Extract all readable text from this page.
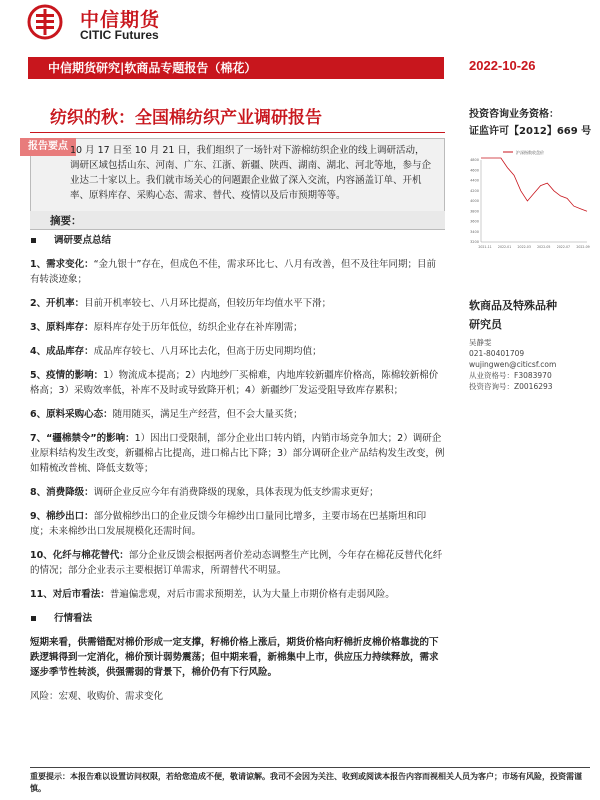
中信期货
CITIC Futures
中信期货研究|软商品专题报告（棉花）	2022-10-26
纺织的秋：全国棉纺织产业调研报告
报告要点 10 月 17 日至 10 月 21 日，我们组织了一场针对下游棉纺织企业的线上调研活动，调研区域包括山东、河南、广东、江浙、新疆、陕西、湖南、湖北、河北等地，参与企业达二十家以上。我们就市场关心的问题跟企业做了深入交流，内容涵盖订单、开机率、原料库存、采购心态、需求、替代、疫情以及后市预期等等。
摘要：
调研要点总结
1、需求变化：“金九银十”存在，但成色不佳，需求环比七、八月有改善，但不及往年同期；目前有转淡迹象；
2、开机率：目前开机率较七、八月环比提高，但较历年均值水平下滑；
3、原料库存：原料库存处于历年低位，纺织企业存在补库刚需；
4、成品库存：成品库存较七、八月环比去化，但高于历史同期均值；
5、疫情的影响：1）物流成本提高；2）内地纱厂买棉难，内地库较新疆库价格高，陈棉较新棉价格高；3）采购效率低，补库不及时或导致降开机；4）新疆纱厂发运受阻导致库存累积；
6、原料采购心态：随用随买，满足生产经营，但不会大量买货；
7、“疆棉禁令”的影响：1）因出口受限制，部分企业出口转内销，内销市场竞争加大；2）调研企业原料结构发生改变，新疆棉占比提高，进口棉占比下降；3）部分调研企业产品结构发生改变，例如精梳改普梳、降低支数等；
8、消费降级：调研企业反应今年有消费降级的现象，具体表现为低支纱需求更好；
9、棉纱出口：部分做棉纱出口的企业反馈今年棉纱出口量同比增多，主要市场在巴基斯坦和印度；未来棉纱出口发展规模化还需时间。
10、化纤与棉花替代：部分企业反馈会根据两者价差动态调整生产比例，今年存在棉花反替代化纤的情况；部分企业表示主要根据订单需求，所谓替代不明显。
11、对后市看法：普遍偏悲观，对后市需求预期差，认为大量上市期价格有走弱风险。
行情看法
短期来看，供需错配对棉价形成一定支撑，籽棉价格上涨后，期货价格向籽棉折皮棉价格靠拢的下跌逻辑得到一定消化，棉价预计弱势震荡；但中期来看，新棉集中上市，供应压力持续释放，需求逐步季节性转淡，供强需弱的背景下，棉价仍有下行风险。
风险：宏观、收购价、需求变化
投资咨询业务资格：
证监许可【2012】669 号
沪深指数收盘价
4800
4600
4400
4200
4000
3800
3600
3400
3200
2021-11 2022-01 2022-03 2022-05 2022-07 2022-09
软商品及特殊品种
研究员
吴静雯
021-80401709
wujingwen@citicsf.com
从业资格号：F3083970
投资咨询号：Z0016293
重要提示：本报告难以设置访问权限，若给您造成不便，敬请谅解。我司不会因为关注、收到或阅读本报告内容而视相关人员为客户；市场有风险，投资需谨慎。
